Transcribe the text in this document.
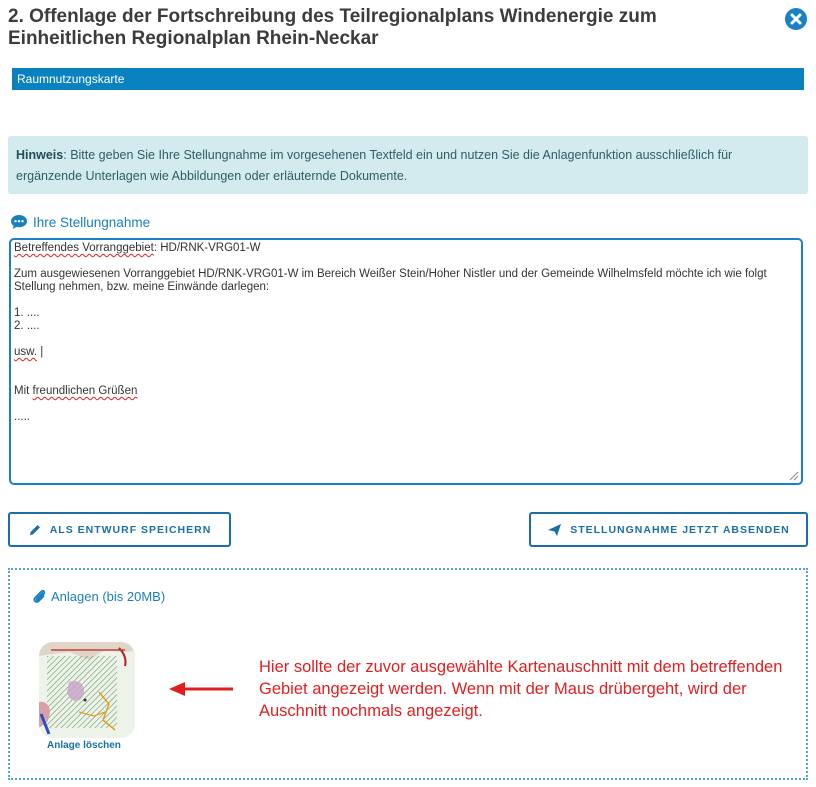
2. Offenlage der Fortschreibung des Teilregionalplans Windenergie zum
Einheitlichen Regionalplan Rhein-Neckar
Raumnutzungskarte
Hinweis: Bitte geben Sie Ihre Stellungnahme im vorgesehenen Textfeld ein und nutzen Sie die Anlagenfunktion ausschließlich für ergänzende Unterlagen wie Abbildungen oder erläuternde Dokumente.
Ihre Stellungnahme
Betreffendes Vorranggebiet: HD/RNK-VRG01-W

Zum ausgewiesenen Vorranggebiet HD/RNK-VRG01-W im Bereich Weißer Stein/Hoher Nistler und der Gemeinde Wilhelmsfeld möchte ich wie folgt Stellung nehmen, bzw. meine Einwände darlegen:

1. ....
2. ....

usw. |

Mit freundlichen Grüßen

.....
ALS ENTWURF SPEICHERN	STELLUNGNAHME JETZT ABSENDEN
Anlagen (bis 20MB)
Anlage löschen
Hier sollte der zuvor ausgewählte Kartenauschnitt mit dem betreffenden Gebiet angezeigt werden. Wenn mit der Maus drübergeht, wird der Auschnitt nochmals angezeigt.
